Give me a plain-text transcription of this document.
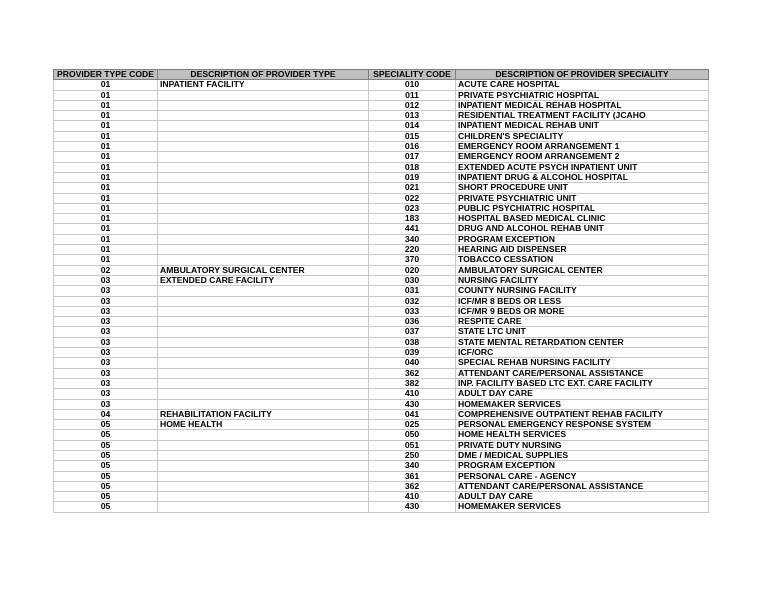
PROVIDER TYPE CODE	DESCRIPTION OF PROVIDER TYPE	SPECIALITY CODE	DESCRIPTION OF PROVIDER SPECIALITY
01	INPATIENT FACILITY	010	ACUTE CARE HOSPITAL
01		011	PRIVATE PSYCHIATRIC HOSPITAL
01		012	INPATIENT MEDICAL REHAB HOSPITAL
01		013	RESIDENTIAL TREATMENT FACILITY (JCAHO
01		014	INPATIENT MEDICAL REHAB UNIT
01		015	CHILDREN'S SPECIALITY
01		016	EMERGENCY ROOM ARRANGEMENT 1
01		017	EMERGENCY ROOM ARRANGEMENT 2
01		018	EXTENDED ACUTE PSYCH INPATIENT UNIT
01		019	INPATIENT DRUG & ALCOHOL HOSPITAL
01		021	SHORT PROCEDURE UNIT
01		022	PRIVATE PSYCHIATRIC UNIT
01		023	PUBLIC PSYCHIATRIC HOSPITAL
01		183	HOSPITAL BASED MEDICAL CLINIC
01		441	DRUG AND ALCOHOL REHAB UNIT
01		340	PROGRAM EXCEPTION
01		220	HEARING AID DISPENSER
01		370	TOBACCO CESSATION
02	AMBULATORY SURGICAL CENTER	020	AMBULATORY SURGICAL CENTER
03	EXTENDED CARE FACILITY	030	NURSING FACILITY
03		031	COUNTY NURSING FACILITY
03		032	ICF/MR 8 BEDS OR LESS
03		033	ICF/MR 9 BEDS OR MORE
03		036	RESPITE CARE
03		037	STATE LTC UNIT
03		038	STATE MENTAL RETARDATION CENTER
03		039	ICF/ORC
03		040	SPECIAL REHAB NURSING FACILITY
03		362	ATTENDANT CARE/PERSONAL ASSISTANCE
03		382	INP. FACILITY BASED LTC EXT. CARE FACILITY
03		410	ADULT DAY CARE
03		430	HOMEMAKER SERVICES
04	REHABILITATION FACILITY	041	COMPREHENSIVE OUTPATIENT REHAB FACILITY
05	HOME HEALTH	025	PERSONAL EMERGENCY RESPONSE SYSTEM
05		050	HOME HEALTH SERVICES
05		051	PRIVATE DUTY NURSING
05		250	DME / MEDICAL SUPPLIES
05		340	PROGRAM EXCEPTION
05		361	PERSONAL CARE - AGENCY
05		362	ATTENDANT CARE/PERSONAL ASSISTANCE
05		410	ADULT DAY CARE
05		430	HOMEMAKER SERVICES
